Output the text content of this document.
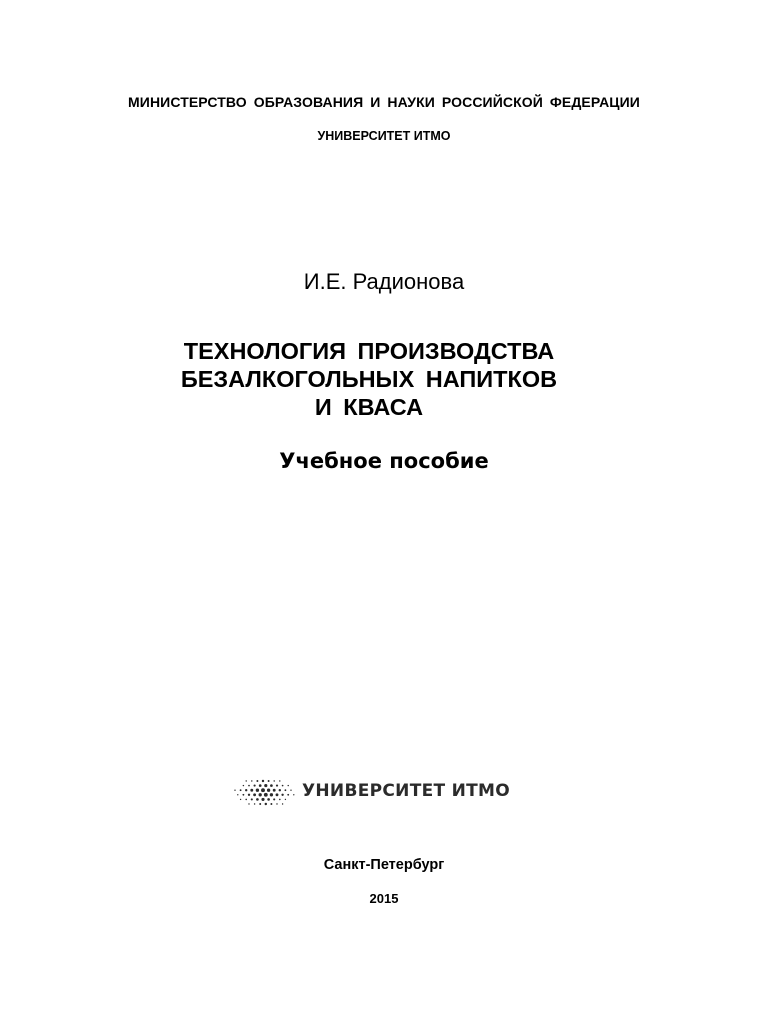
МИНИСТЕРСТВО ОБРАЗОВАНИЯ И НАУКИ РОССИЙСКОЙ ФЕДЕРАЦИИ
УНИВЕРСИТЕТ ИТМО
И.Е. Радионова
ТЕХНОЛОГИЯ ПРОИЗВОДСТВА
БЕЗАЛКОГОЛЬНЫХ НАПИТКОВ
И КВАСА
Учебное пособие
УНИВЕРСИТЕТ ИТМО
Санкт-Петербург
2015
